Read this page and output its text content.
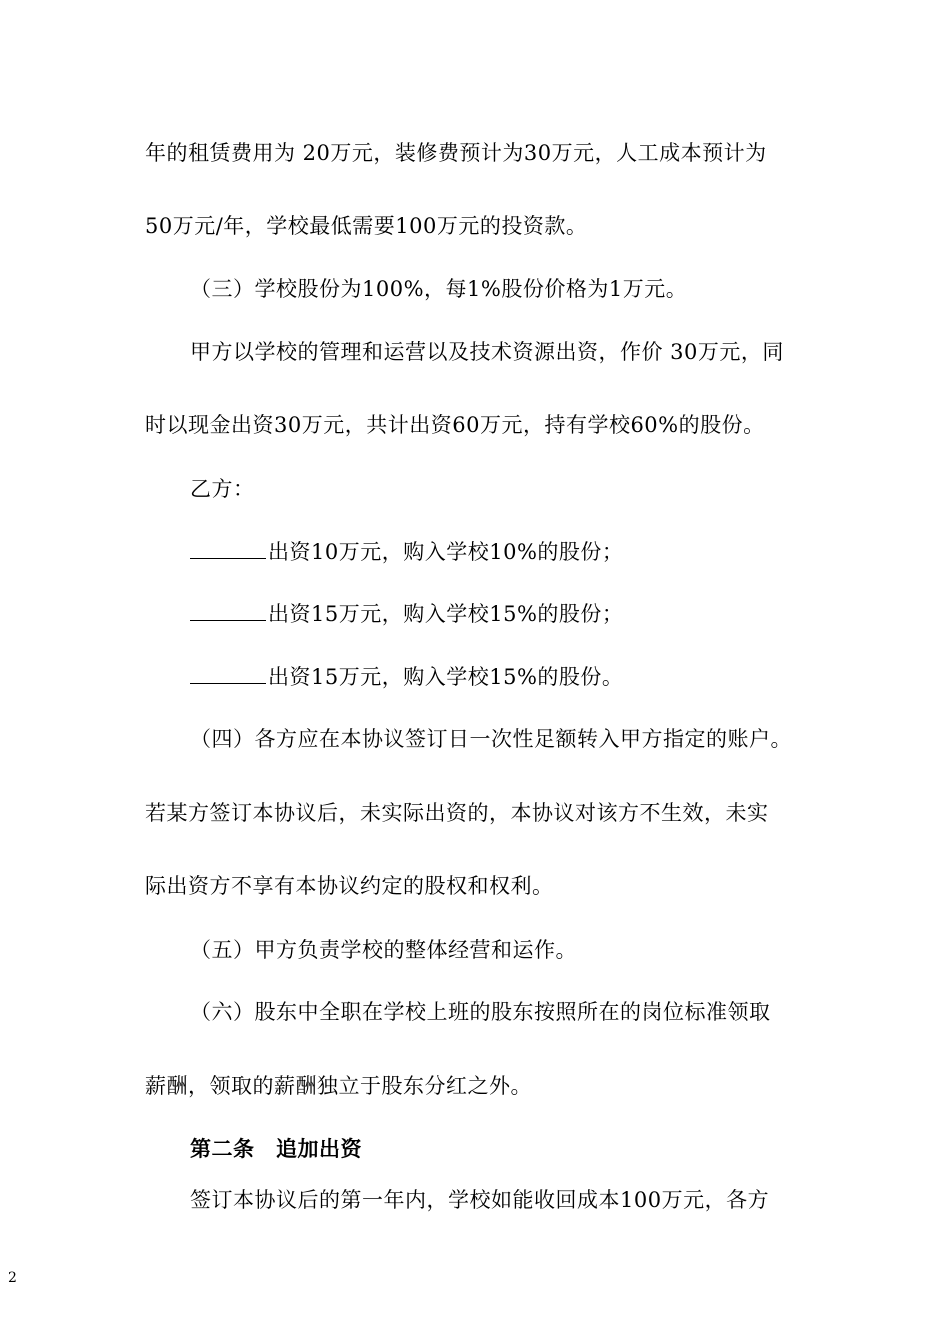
年的租赁费用为 20万元，装修费预计为30万元，人工成本预计为
50万元/年，学校最低需要100万元的投资款。
（三）学校股份为100%，每1%股份价格为1万元。
甲方以学校的管理和运营以及技术资源出资，作价 30万元，同
时以现金出资30万元，共计出资60万元，持有学校60%的股份。
乙方：
出资10万元，购入学校10%的股份；
出资15万元，购入学校15%的股份；
出资15万元，购入学校15%的股份。
（四）各方应在本协议签订日一次性足额转入甲方指定的账户。
若某方签订本协议后，未实际出资的，本协议对该方不生效，未实
际出资方不享有本协议约定的股权和权利。
（五）甲方负责学校的整体经营和运作。
（六）股东中全职在学校上班的股东按照所在的岗位标准领取
薪酬，领取的薪酬独立于股东分红之外。
第二条　追加出资
签订本协议后的第一年内，学校如能收回成本100万元，各方
2
